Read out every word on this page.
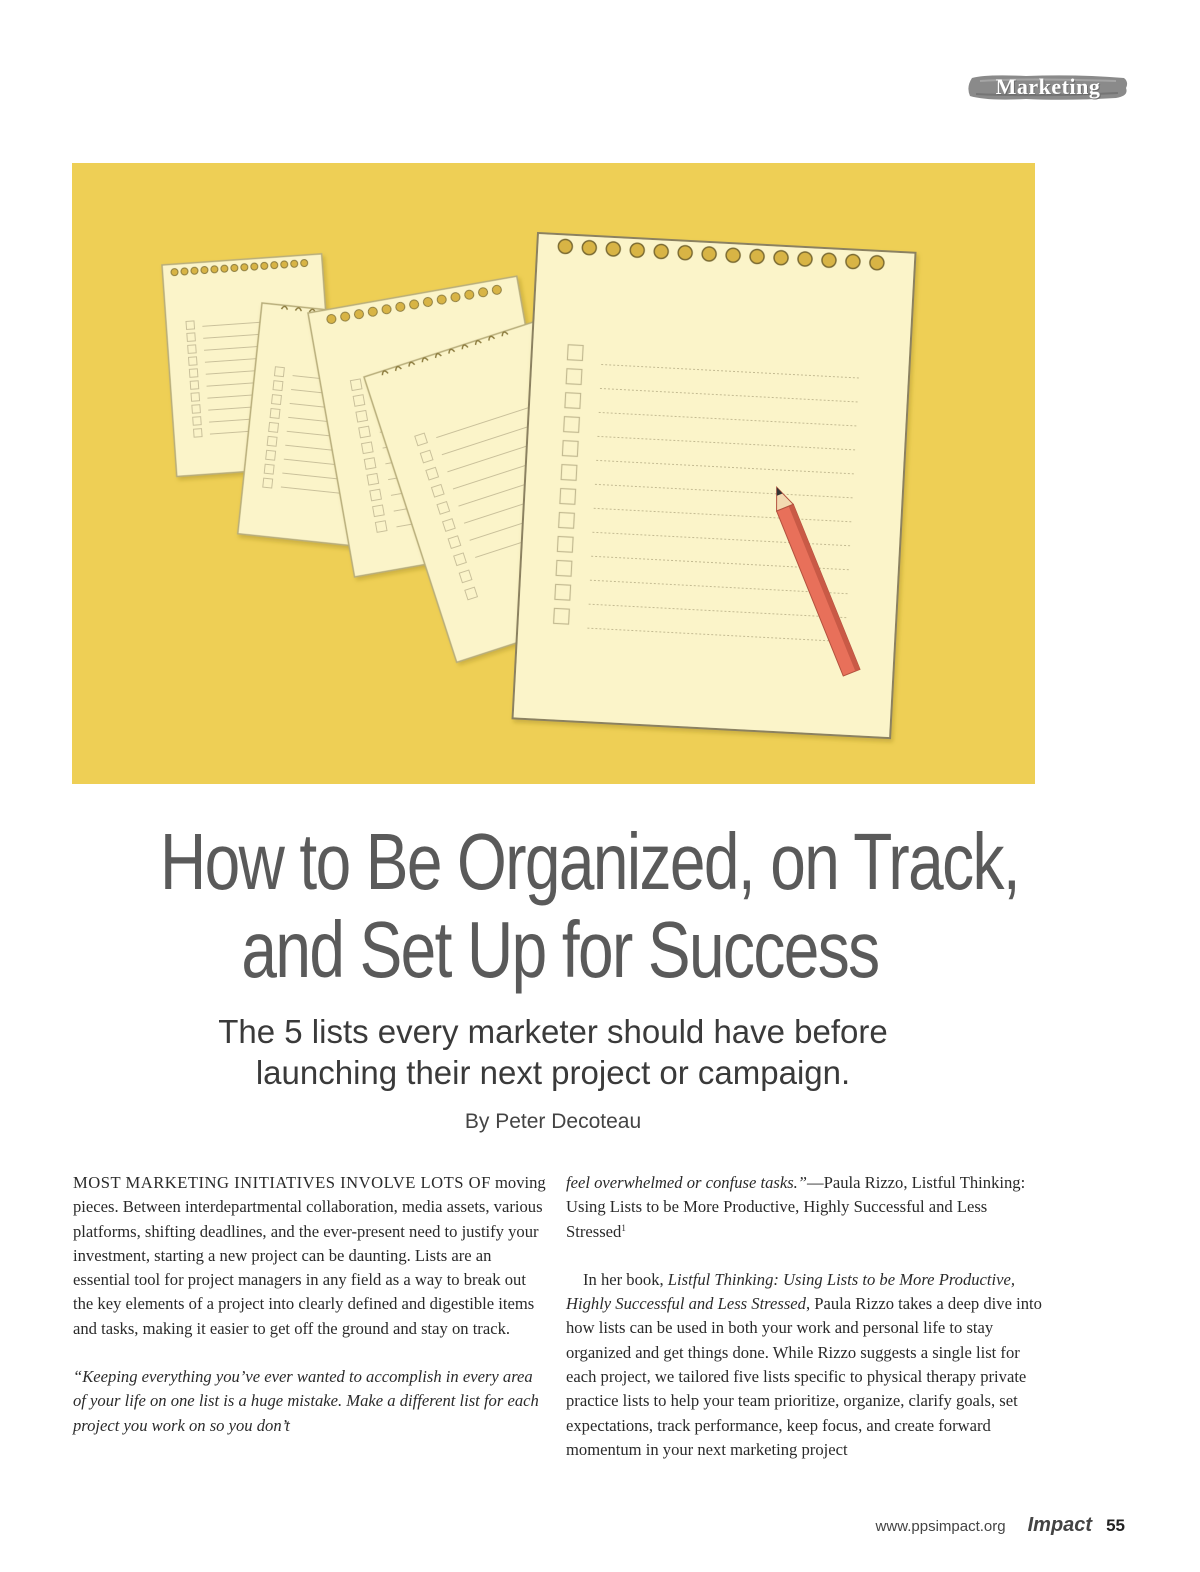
Marketing
How to Be Organized, on Track,
and Set Up for Success
The 5 lists every marketer should have before
launching their next project or campaign.
By Peter Decoteau

MOST MARKETING INITIATIVES INVOLVE LOTS OF moving pieces. Between interdepartmental collaboration, media assets, various platforms, shifting deadlines, and the ever-present need to justify your investment, starting a new project can be daunting. Lists are an essential tool for project managers in any field as a way to break out the key elements of a project into clearly defined and digestible items and tasks, making it easier to get off the ground and stay on track.

“Keeping everything you’ve ever wanted to accomplish in every area of your life on one list is a huge mistake. Make a different list for each project you work on so you don’t

feel overwhelmed or confuse tasks.”—Paula Rizzo, Listful Thinking: Using Lists to be More Productive, Highly Successful and Less Stressed$^1$

In her book, Listful Thinking: Using Lists to be More Productive, Highly Successful and Less Stressed, Paula Rizzo takes a deep dive into how lists can be used in both your work and personal life to stay organized and get things done. While Rizzo suggests a single list for each project, we tailored five lists specific to physical therapy private practice lists to help your team prioritize, organize, clarify goals, set expectations, track performance, keep focus, and create forward momentum in your next marketing project

www.ppsimpact.org Impact 55
